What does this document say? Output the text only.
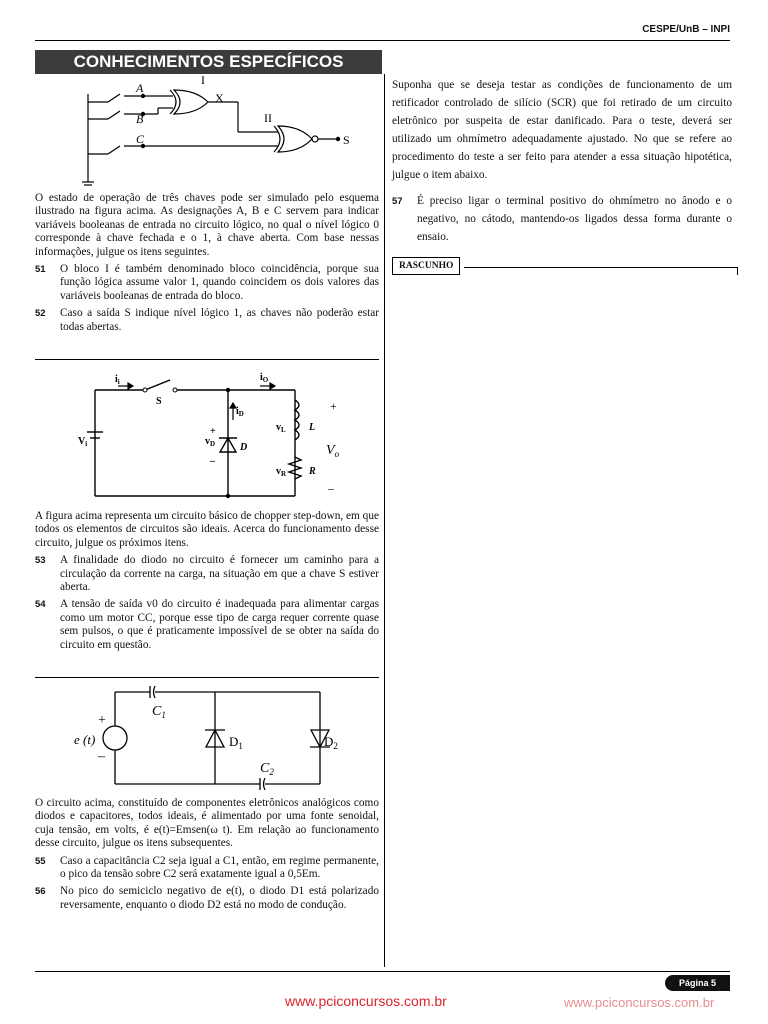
CESPE/UnB – INPI
CONHECIMENTOS ESPECÍFICOS
A
B
C
I
X
II
S

O estado de operação de três chaves pode ser simulado pelo esquema ilustrado na figura acima. As designações A, B e C servem para indicar variáveis booleanas de entrada no circuito lógico, no qual o nível lógico 0 corresponde à chave fechada e o 1, à chave aberta. Com base nessas informações, julgue os itens seguintes.

51 O bloco I é também denominado bloco coincidência, porque sua função lógica assume valor 1, quando coincidem os dois valores das variáveis booleanas de entrada do bloco.
52 Caso a saída S indique nível lógico 1, as chaves não poderão estar todas abertas.
$i_i$	$i_O$
S
$V_i$
$i_D$
$v_D$ D
$v_L$ L
$v_R$ R
+
–
+
–
$V_o$

A figura acima representa um circuito básico de chopper step-down, em que todos os elementos de circuitos são ideais. Acerca do funcionamento desse circuito, julgue os próximos itens.

53 A finalidade do diodo no circuito é fornecer um caminho para a circulação da corrente na carga, na situação em que a chave S estiver aberta.
54 A tensão de saída v0 do circuito é inadequada para alimentar cargas como um motor CC, porque esse tipo de carga requer corrente quase sem pulsos, o que é praticamente impossível de se obter na saída do circuito em questão.
$C_1$
$C_2$
$D_1$	$D_2$
e (t)
+
–

O circuito acima, constituído de componentes eletrônicos analógicos como diodos e capacitores, todos ideais, é alimentado por uma fonte senoidal, cuja tensão, em volts, é e(t)=Emsen(ω t). Em relação ao funcionamento desse circuito, julgue os itens subsequentes.

55 Caso a capacitância C2 seja igual a C1, então, em regime permanente, o pico da tensão sobre C2 será exatamente igual a 0,5Em.
56 No pico do semiciclo negativo de e(t), o diodo D1 está polarizado reversamente, enquanto o diodo D2 está no modo de condução.

Suponha que se deseja testar as condições de funcionamento de um retificador controlado de silício (SCR) que foi retirado de um circuito eletrônico por suspeita de estar danificado. Para o teste, deverá ser utilizado um ohmímetro adequadamente ajustado. No que se refere ao procedimento do teste a ser feito para atender a essa situação hipotética, julgue o item abaixo.

57 É preciso ligar o terminal positivo do ohmímetro no ânodo e o negativo, no cátodo, mantendo-os ligados dessa forma durante o ensaio.
RASCUNHO
Página 5
www.pciconcursos.com.br	www.pciconcursos.com.br
